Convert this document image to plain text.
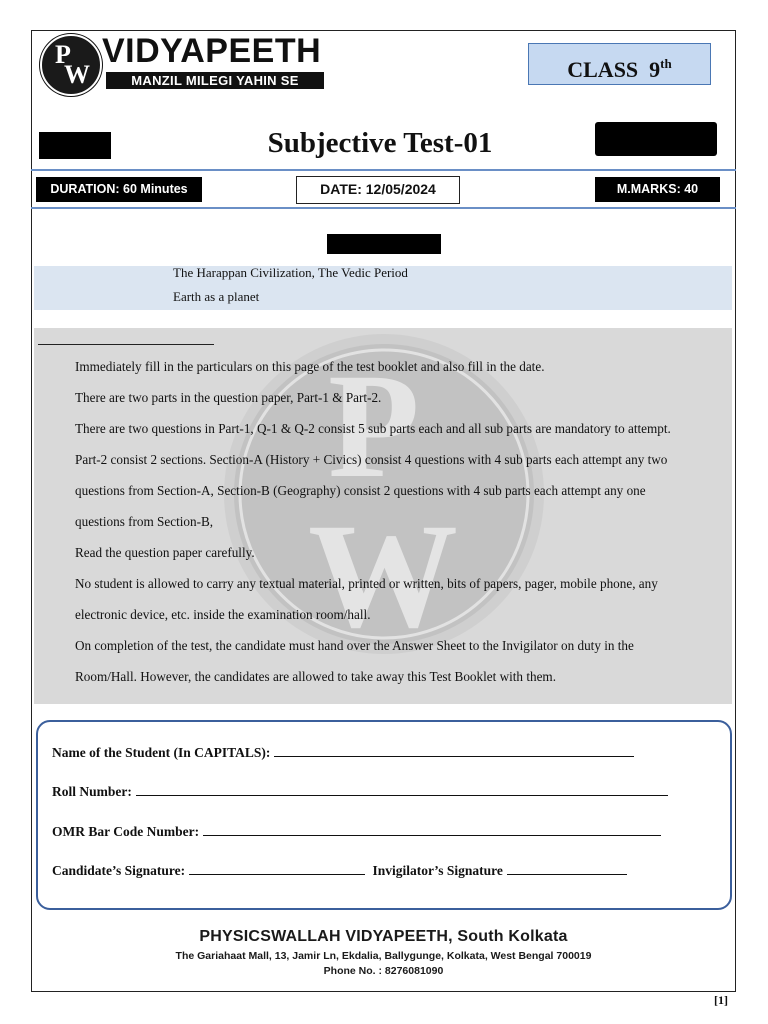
P
W
VIDYAPEETH
MANZIL MILEGI YAHIN SE	CLASS 9th
Subjective Test-01
DURATION: 60 Minutes	DATE: 12/05/2024	M.MARKS: 40
The Harappan Civilization, The Vedic Period
Earth as a planet
P
W

Immediately fill in the particulars on this page of the test booklet and also fill in the date.

There are two parts in the question paper, Part-1 & Part-2.

There are two questions in Part-1, Q-1 & Q-2 consist 5 sub parts each and all sub parts are mandatory to attempt.

Part-2 consist 2 sections. Section-A (History + Civics) consist 4 questions with 4 sub parts each attempt any two

questions from Section-A, Section-B (Geography) consist 2 questions with 4 sub parts each attempt any one

questions from Section-B,

Read the question paper carefully.

No student is allowed to carry any textual material, printed or written, bits of papers, pager, mobile phone, any

electronic device, etc. inside the examination room/hall.

On completion of the test, the candidate must hand over the Answer Sheet to the Invigilator on duty in the

Room/Hall. However, the candidates are allowed to take away this Test Booklet with them.

Name of the Student (In CAPITALS):
Roll Number:
OMR Bar Code Number:
Candidate’s Signature:	Invigilator’s Signature
PHYSICSWALLAH VIDYAPEETH, South Kolkata
The Gariahaat Mall, 13, Jamir Ln, Ekdalia, Ballygunge, Kolkata, West Bengal 700019
Phone No. : 8276081090
[1]
